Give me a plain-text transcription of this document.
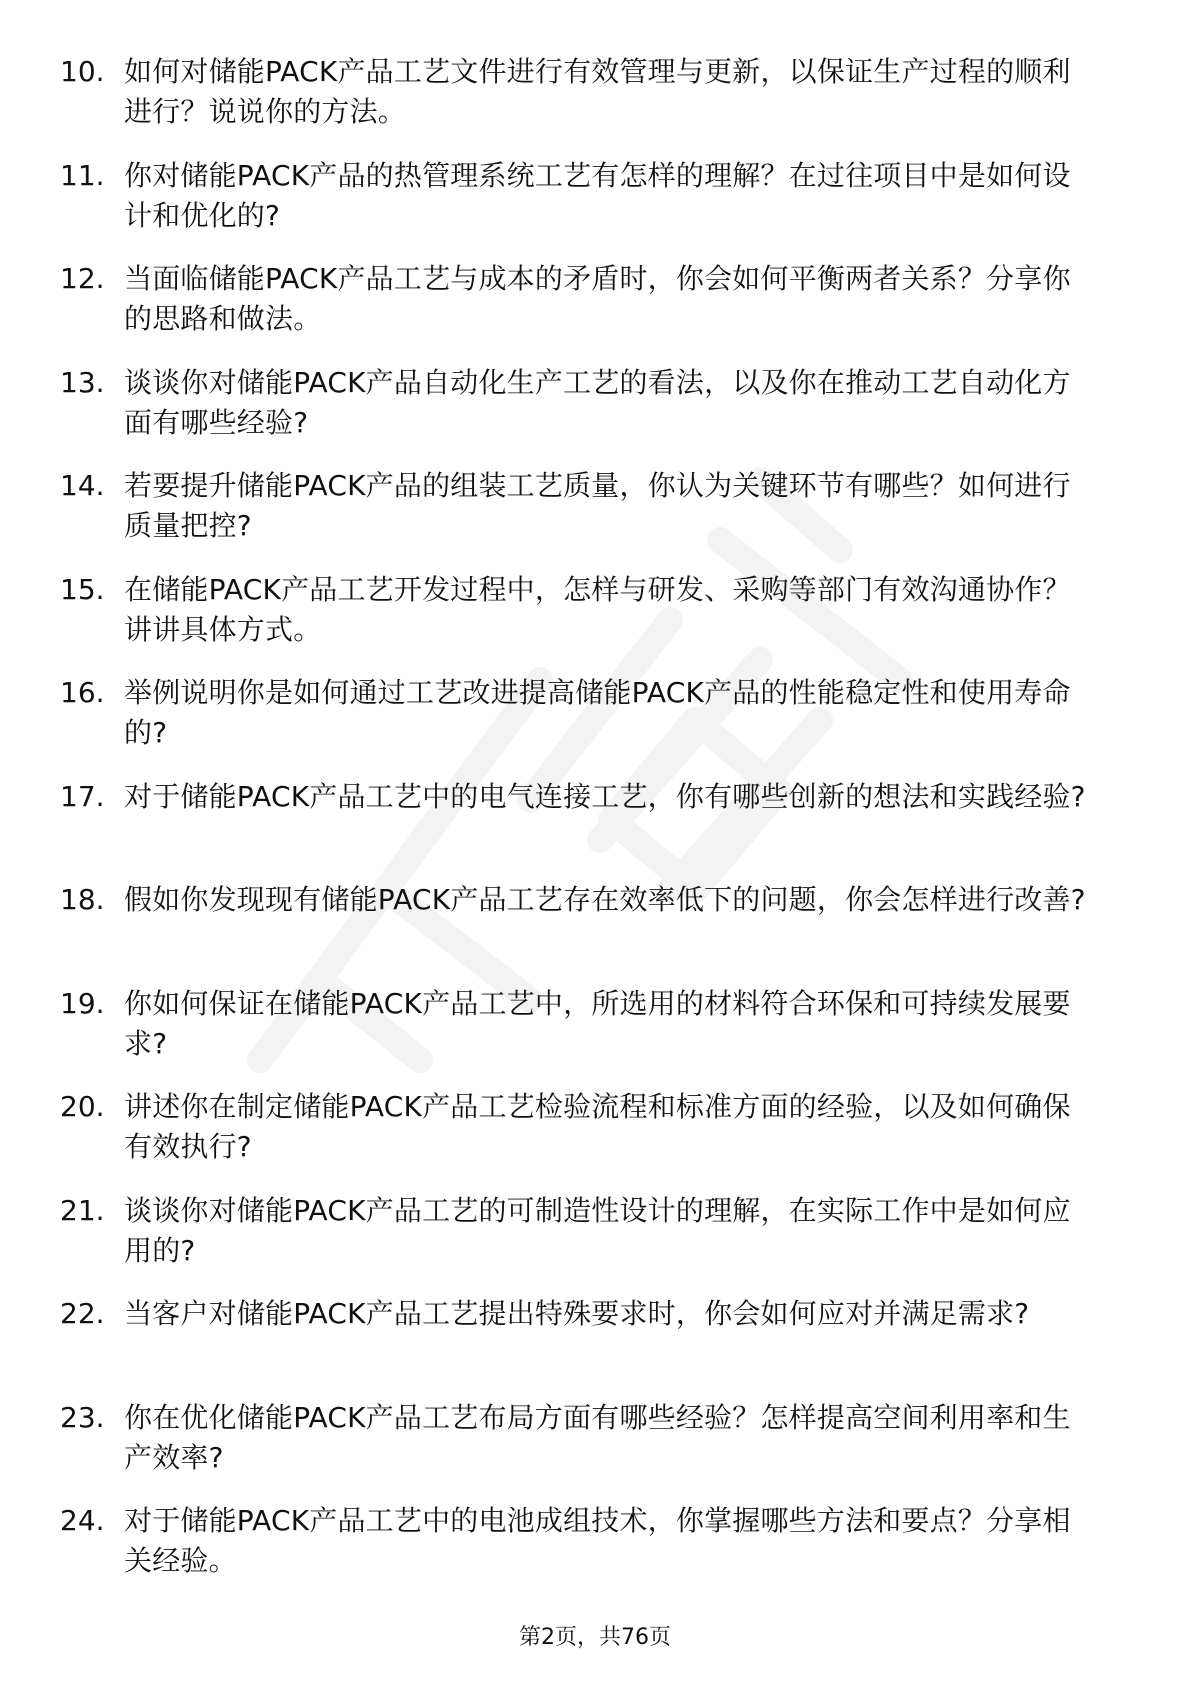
10. 如何对储能PACK产品工艺文件进行有效管理与更新，以保证生产过程的顺利进行？说说你的方法。
11. 你对储能PACK产品的热管理系统工艺有怎样的理解？在过往项目中是如何设计和优化的?
12. 当面临储能PACK产品工艺与成本的矛盾时，你会如何平衡两者关系？分享你的思路和做法。
13. 谈谈你对储能PACK产品自动化生产工艺的看法，以及你在推动工艺自动化方面有哪些经验?
14. 若要提升储能PACK产品的组装工艺质量，你认为关键环节有哪些？如何进行质量把控?
15. 在储能PACK产品工艺开发过程中，怎样与研发、采购等部门有效沟通协作？讲讲具体方式。
16. 举例说明你是如何通过工艺改进提高储能PACK产品的性能稳定性和使用寿命的?
17. 对于储能PACK产品工艺中的电气连接工艺，你有哪些创新的想法和实践经验?
18. 假如你发现现有储能PACK产品工艺存在效率低下的问题，你会怎样进行改善?
19. 你如何保证在储能PACK产品工艺中，所选用的材料符合环保和可持续发展要求?
20. 讲述你在制定储能PACK产品工艺检验流程和标准方面的经验，以及如何确保有效执行?
21. 谈谈你对储能PACK产品工艺的可制造性设计的理解，在实际工作中是如何应用的?
22. 当客户对储能PACK产品工艺提出特殊要求时，你会如何应对并满足需求?
23. 你在优化储能PACK产品工艺布局方面有哪些经验？怎样提高空间利用率和生产效率?
24. 对于储能PACK产品工艺中的电池成组技术，你掌握哪些方法和要点？分享相关经验。
第2页，共76页
